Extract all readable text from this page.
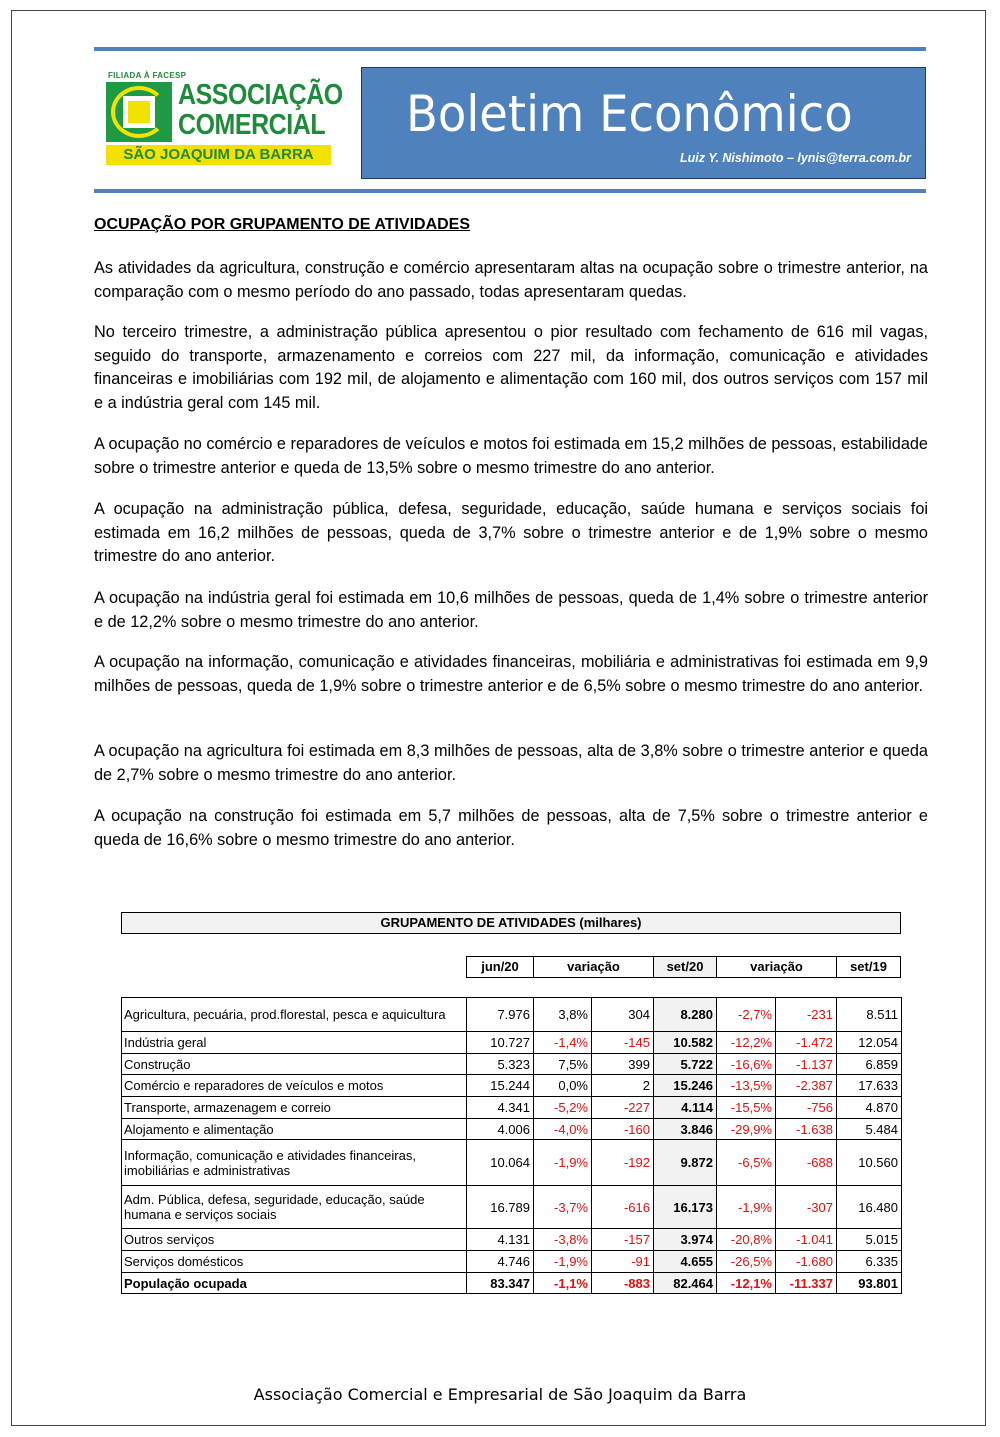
FILIADA À FACESP
ASSOCIAÇÃO
COMERCIAL
SÃO JOAQUIM DA BARRA
Boletim Econômico
Luiz Y. Nishimoto – lynis@terra.com.br
OCUPAÇÃO POR GRUPAMENTO DE ATIVIDADES

As atividades da agricultura, construção e comércio apresentaram altas na ocupação sobre o trimestre anterior, na comparação com o mesmo período do ano passado, todas apresentaram quedas.

No terceiro trimestre, a administração pública apresentou o pior resultado com fechamento de 616 mil vagas, seguido do transporte, armazenamento e correios com 227 mil, da informação, comunicação e atividades financeiras e imobiliárias com 192 mil, de alojamento e alimentação com 160 mil, dos outros serviços com 157 mil e a indústria geral com 145 mil.

A ocupação no comércio e reparadores de veículos e motos foi estimada em 15,2 milhões de pessoas, estabilidade sobre o trimestre anterior e queda de 13,5% sobre o mesmo trimestre do ano anterior.

A ocupação na administração pública, defesa, seguridade, educação, saúde humana e serviços sociais foi estimada em 16,2 milhões de pessoas, queda de 3,7% sobre o trimestre anterior e de 1,9% sobre o mesmo trimestre do ano anterior.

A ocupação na indústria geral foi estimada em 10,6 milhões de pessoas, queda de 1,4% sobre o trimestre anterior e de 12,2% sobre o mesmo trimestre do ano anterior.

A ocupação na informação, comunicação e atividades financeiras, mobiliária e administrativas foi estimada em 9,9 milhões de pessoas, queda de 1,9% sobre o trimestre anterior e de 6,5% sobre o mesmo trimestre do ano anterior.

A ocupação na agricultura foi estimada em 8,3 milhões de pessoas, alta de 3,8% sobre o trimestre anterior e queda de 2,7% sobre o mesmo trimestre do ano anterior.

A ocupação na construção foi estimada em 5,7 milhões de pessoas, alta de 7,5% sobre o trimestre anterior e queda de 16,6% sobre o mesmo trimestre do ano anterior.

GRUPAMENTO DE ATIVIDADES (milhares)
jun/20	variação	set/20	variação	set/19
Agricultura, pecuária, prod.florestal, pesca e aquicultura	7.976	3,8%	304	8.280	-2,7%	-231	8.511
Indústria geral	10.727	-1,4%	-145	10.582	-12,2%	-1.472	12.054
Construção	5.323	7,5%	399	5.722	-16,6%	-1.137	6.859
Comércio e reparadores de veículos e motos	15.244	0,0%	2	15.246	-13,5%	-2.387	17.633
Transporte, armazenagem e correio	4.341	-5,2%	-227	4.114	-15,5%	-756	4.870
Alojamento e alimentação	4.006	-4,0%	-160	3.846	-29,9%	-1.638	5.484
Informação, comunicação e atividades financeiras, imobiliárias e administrativas	10.064	-1,9%	-192	9.872	-6,5%	-688	10.560
Adm. Pública, defesa, seguridade, educação, saúde humana e serviços sociais	16.789	-3,7%	-616	16.173	-1,9%	-307	16.480
Outros serviços	4.131	-3,8%	-157	3.974	-20,8%	-1.041	5.015
Serviços domésticos	4.746	-1,9%	-91	4.655	-26,5%	-1.680	6.335
População ocupada	83.347	-1,1%	-883	82.464	-12,1%	-11.337	93.801
Associação Comercial e Empresarial de São Joaquim da Barra
